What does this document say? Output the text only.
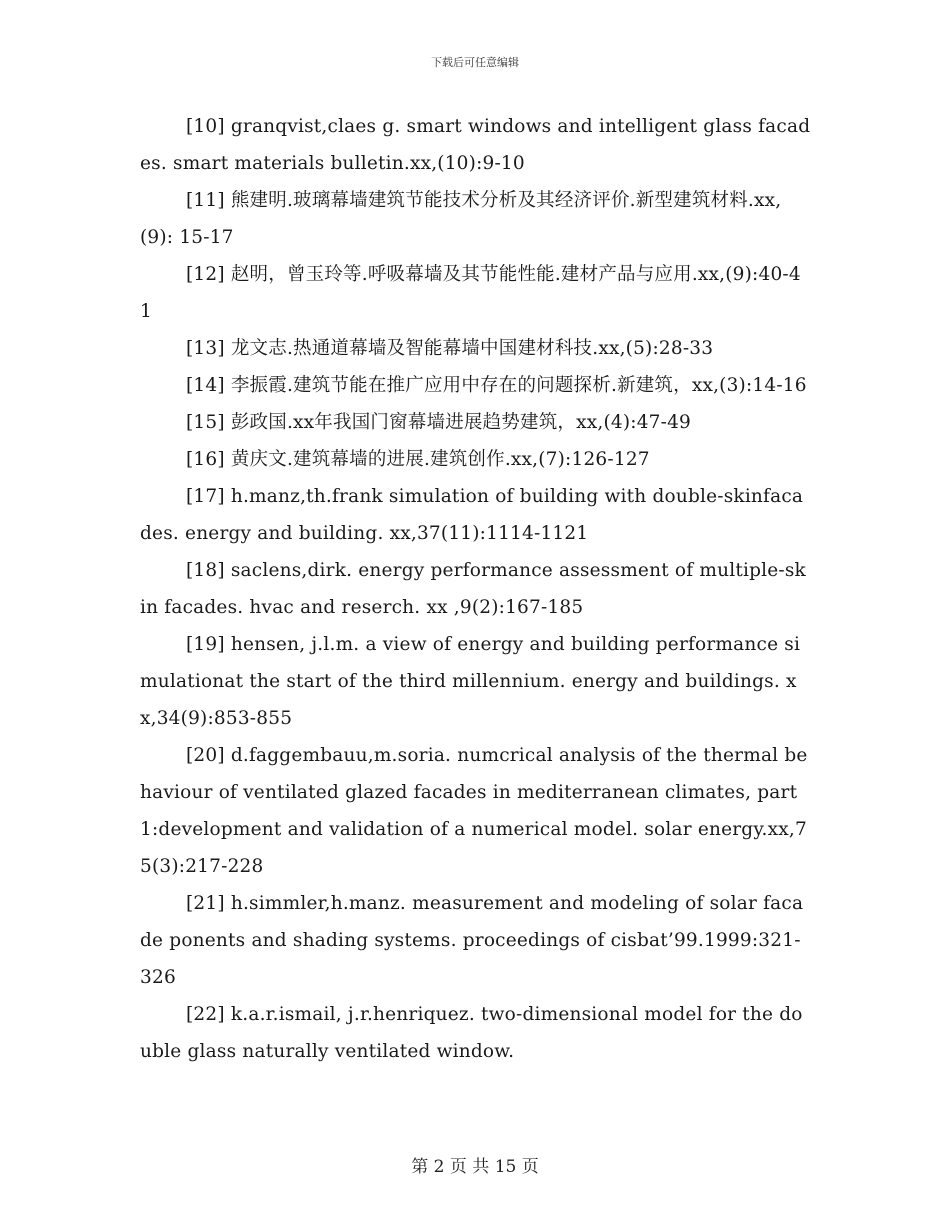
下载后可任意编辑

[10] granqvist,claes g. smart windows and intelligent glass facades. smart materials bulletin.xx,(10):9-10

[11] 熊建明.玻璃幕墙建筑节能技术分析及其经济评价.新型建筑材料.xx,(9): 15-17

[12] 赵明，曾玉玲等.呼吸幕墙及其节能性能.建材产品与应用.xx,(9):40-41

[13] 龙文志.热通道幕墙及智能幕墙中国建材科技.xx,(5):28-33

[14] 李振霞.建筑节能在推广应用中存在的问题探析.新建筑，xx,(3):14-16

[15] 彭政国.xx年我国门窗幕墙进展趋势建筑，xx,(4):47-49

[16] 黄庆文.建筑幕墙的进展.建筑创作.xx,(7):126-127

[17] h.manz,th.frank simulation of building with double-skinfacades. energy and building. xx,37(11):1114-1121

[18] saclens,dirk. energy performance assessment of multiple-skin facades. hvac and reserch. xx ,9(2):167-185

[19] hensen, j.l.m. a view of energy and building performance simulationat the start of the third millennium. energy and buildings. xx,34(9):853-855

[20] d.faggembauu,m.soria. numcrical analysis of the thermal behaviour of ventilated glazed facades in mediterranean climates, part1:development and validation of a numerical model. solar energy.xx,75(3):217-228

[21] h.simmler,h.manz. measurement and modeling of solar facade ponents and shading systems. proceedings of cisbat’99.1999:321-326

[22] k.a.r.ismail, j.r.henriquez. two-dimensional model for the double glass naturally ventilated window.

第 2 页 共 15 页
